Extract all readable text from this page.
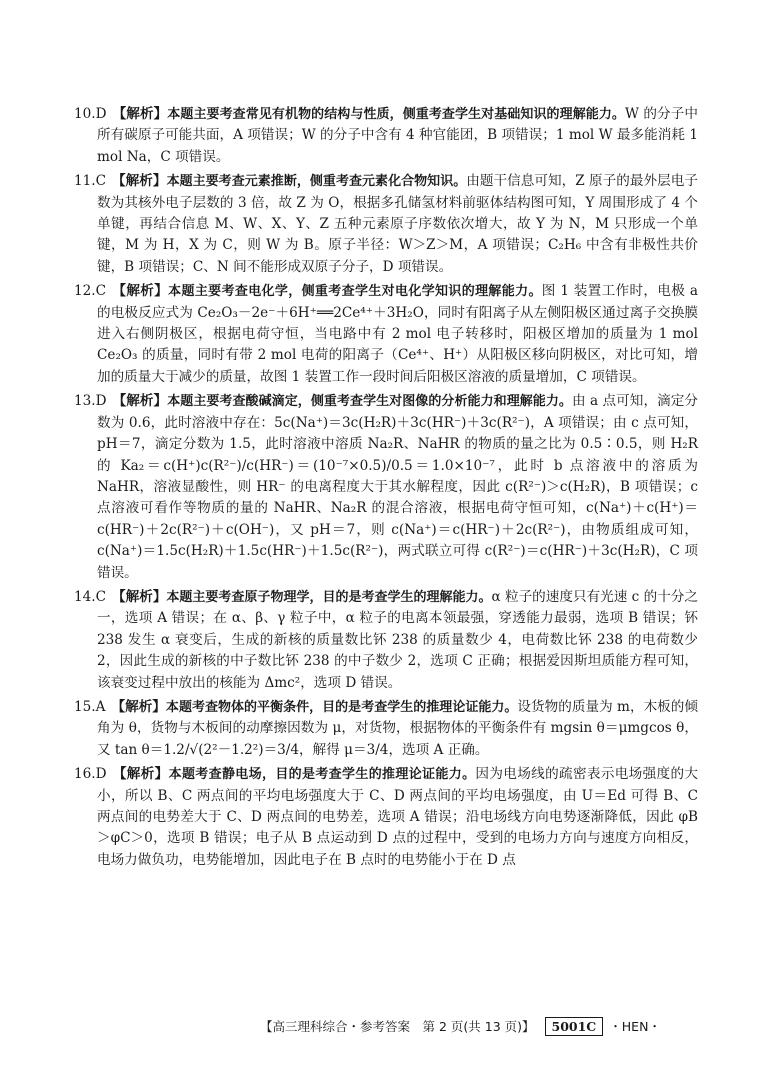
10.D 【解析】本题主要考查常见有机物的结构与性质，侧重考查学生对基础知识的理解能力。W 的分子中所有碳原子可能共面，A 项错误；W 的分子中含有 4 种官能团，B 项错误；1 mol W 最多能消耗 1 mol Na，C 项错误。
11.C 【解析】本题主要考查元素推断，侧重考查元素化合物知识。由题干信息可知，Z 原子的最外层电子数为其核外电子层数的 3 倍，故 Z 为 O，根据多孔储氢材料前驱体结构图可知，Y 周围形成了 4 个单键，再结合信息 M、W、X、Y、Z 五种元素原子序数依次增大，故 Y 为 N，M 只形成一个单键，M 为 H，X 为 C，则 W 为 B。原子半径：W＞Z＞M，A 项错误；C₂H₆ 中含有非极性共价键，B 项错误；C、N 间不能形成双原子分子，D 项错误。
12.C 【解析】本题主要考查电化学，侧重考查学生对电化学知识的理解能力。图 1 装置工作时，电极 a 的电极反应式为 Ce₂O₃－2e⁻＋6H⁺══2Ce⁴⁺＋3H₂O，同时有阳离子从左侧阳极区通过离子交换膜进入右侧阴极区，根据电荷守恒，当电路中有 2 mol 电子转移时，阳极区增加的质量为 1 mol Ce₂O₃ 的质量，同时有带 2 mol 电荷的阳离子（Ce⁴⁺、H⁺）从阳极区移向阴极区，对比可知，增加的质量大于减少的质量，故图 1 装置工作一段时间后阳极区溶液的质量增加，C 项错误。
13.D 【解析】本题主要考查酸碱滴定，侧重考查学生对图像的分析能力和理解能力。由 a 点可知，滴定分数为 0.6，此时溶液中存在：5c(Na⁺)＝3c(H₂R)＋3c(HR⁻)＋3c(R²⁻)，A 项错误；由 c 点可知，pH＝7，滴定分数为 1.5，此时溶液中溶质 Na₂R、NaHR 的物质的量之比为 0.5∶0.5，则 H₂R 的 Ka₂＝c(H⁺)c(R²⁻)/c(HR⁻)＝(10⁻⁷×0.5)/0.5＝1.0×10⁻⁷，此时 b 点溶液中的溶质为 NaHR，溶液显酸性，则 HR⁻ 的电离程度大于其水解程度，因此 c(R²⁻)＞c(H₂R)，B 项错误；c 点溶液可看作等物质的量的 NaHR、Na₂R 的混合溶液，根据电荷守恒可知，c(Na⁺)＋c(H⁺)＝c(HR⁻)＋2c(R²⁻)＋c(OH⁻)，又 pH＝7，则 c(Na⁺)＝c(HR⁻)＋2c(R²⁻)，由物质组成可知，c(Na⁺)＝1.5c(H₂R)＋1.5c(HR⁻)＋1.5c(R²⁻)，两式联立可得 c(R²⁻)＝c(HR⁻)＋3c(H₂R)，C 项错误。
14.C 【解析】本题主要考查原子物理学，目的是考查学生的理解能力。α 粒子的速度只有光速 c 的十分之一，选项 A 错误；在 α、β、γ 粒子中，α 粒子的电离本领最强，穿透能力最弱，选项 B 错误；钚 238 发生 α 衰变后，生成的新核的质量数比钚 238 的质量数少 4，电荷数比钚 238 的电荷数少 2，因此生成的新核的中子数比钚 238 的中子数少 2，选项 C 正确；根据爱因斯坦质能方程可知，该衰变过程中放出的核能为 Δmc²，选项 D 错误。
15.A 【解析】本题考查物体的平衡条件，目的是考查学生的推理论证能力。设货物的质量为 m，木板的倾角为 θ，货物与木板间的动摩擦因数为 μ，对货物，根据物体的平衡条件有 mgsin θ＝μmgcos θ，又 tan θ＝1.2/√(2²－1.2²)＝3/4，解得 μ＝3/4，选项 A 正确。
16.D 【解析】本题考查静电场，目的是考查学生的推理论证能力。因为电场线的疏密表示电场强度的大小，所以 B、C 两点间的平均电场强度大于 C、D 两点间的平均电场强度，由 U＝Ed 可得 B、C 两点间的电势差大于 C、D 两点间的电势差，选项 A 错误；沿电场线方向电势逐渐降低，因此 φB＞φC＞0，选项 B 错误；电子从 B 点运动到 D 点的过程中，受到的电场力方向与速度方向相反，电场力做负功，电势能增加，因此电子在 B 点时的电势能小于在 D 点
【高三理科综合・参考答案　第 2 页(共 13 页)】 5001C ・HEN・
